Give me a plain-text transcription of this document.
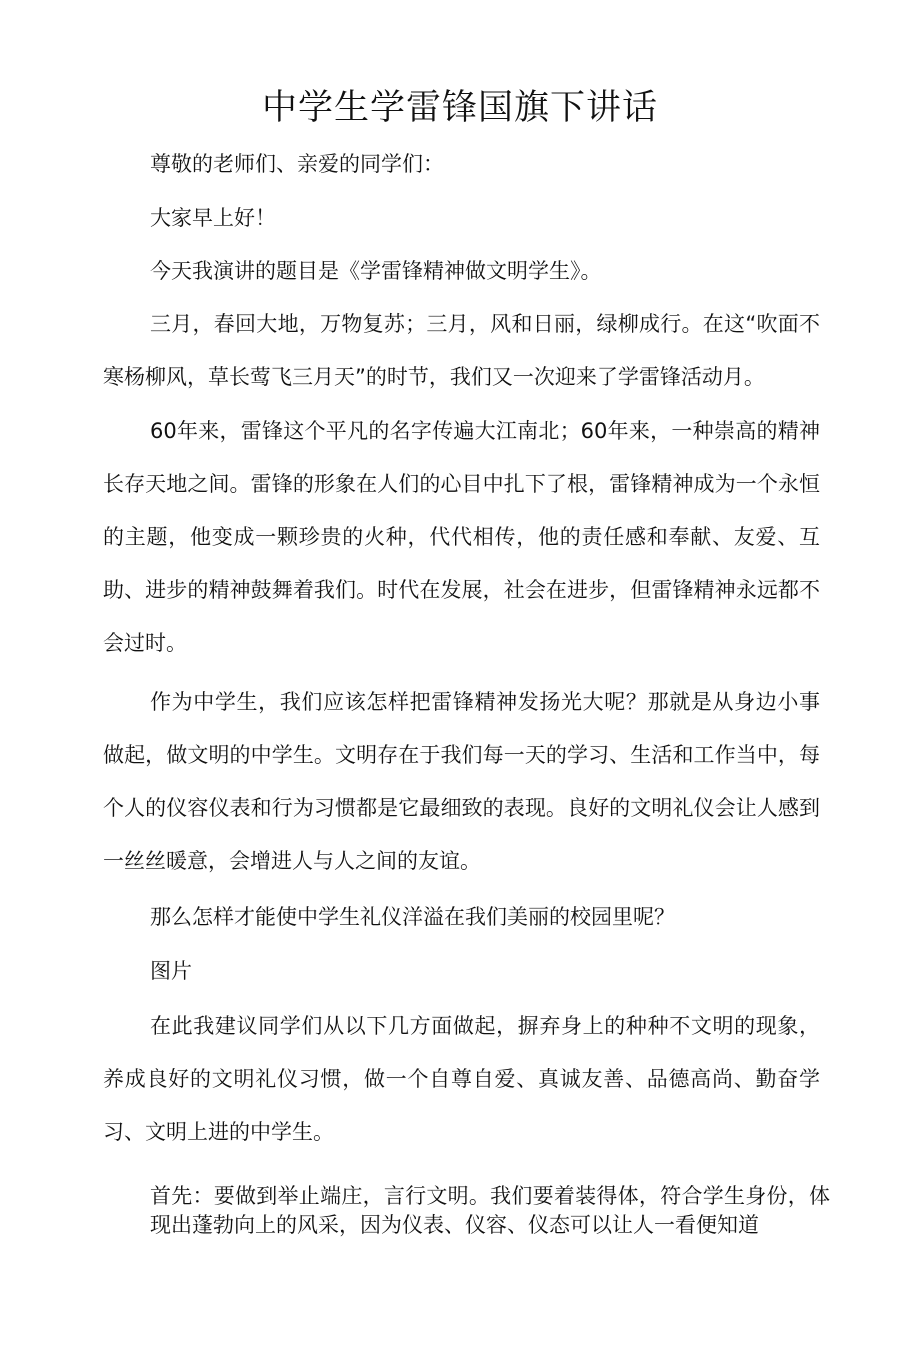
中学生学雷锋国旗下讲话

尊敬的老师们、亲爱的同学们：

大家早上好！

今天我演讲的题目是《学雷锋精神做文明学生》。

三月，春回大地，万物复苏；三月，风和日丽，绿柳成行。在这“吹面不寒杨柳风，草长莺飞三月天”的时节，我们又一次迎来了学雷锋活动月。

60年来，雷锋这个平凡的名字传遍大江南北；60年来，一种崇高的精神长存天地之间。雷锋的形象在人们的心目中扎下了根，雷锋精神成为一个永恒的主题，他变成一颗珍贵的火种，代代相传，他的责任感和奉献、友爱、互助、进步的精神鼓舞着我们。时代在发展，社会在进步，但雷锋精神永远都不会过时。

作为中学生，我们应该怎样把雷锋精神发扬光大呢？那就是从身边小事做起，做文明的中学生。文明存在于我们每一天的学习、生活和工作当中，每个人的仪容仪表和行为习惯都是它最细致的表现。良好的文明礼仪会让人感到一丝丝暖意，会增进人与人之间的友谊。

那么怎样才能使中学生礼仪洋溢在我们美丽的校园里呢？

图片

在此我建议同学们从以下几方面做起，摒弃身上的种种不文明的现象，养成良好的文明礼仪习惯，做一个自尊自爱、真诚友善、品德高尚、勤奋学习、文明上进的中学生。

首先：要做到举止端庄，言行文明。我们要着装得体，符合学生身份，体现出蓬勃向上的风采，因为仪表、仪容、仪态可以让人一看便知道
